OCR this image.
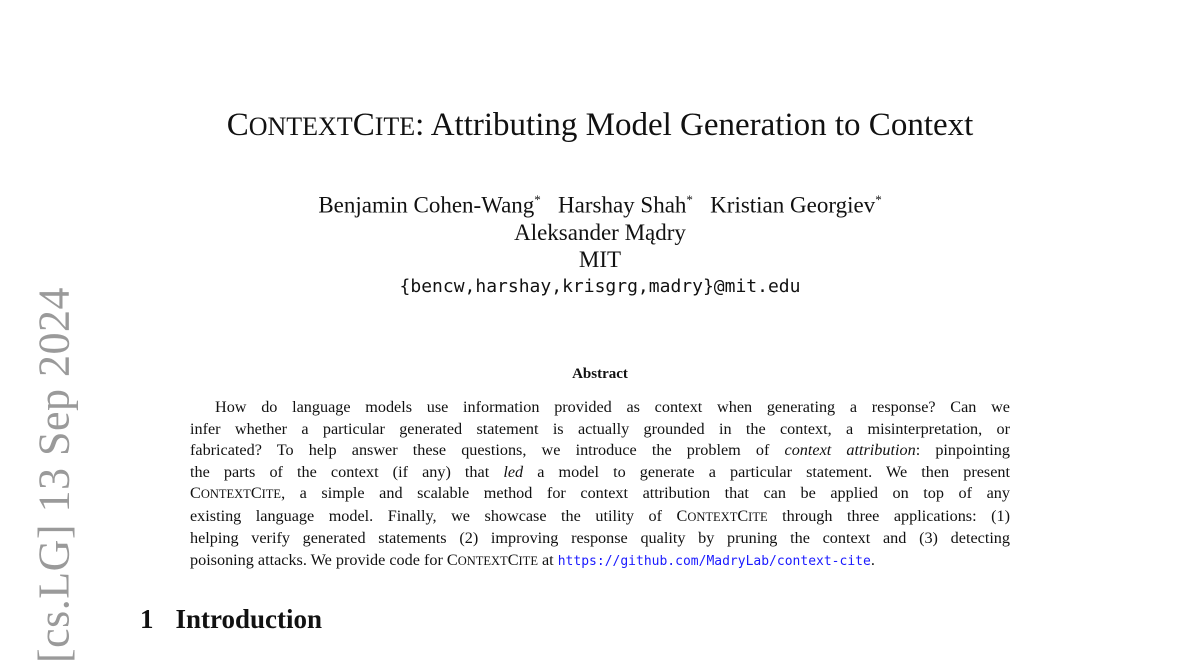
[cs.LG] 13 Sep 2024
CONTEXTCITE: Attributing Model Generation to Context
Benjamin Cohen-Wang* Harshay Shah* Kristian Georgiev*
Aleksander Mądry
MIT
{bencw,harshay,krisgrg,madry}@mit.edu
Abstract
How do language models use information provided as context when generating a response? Can we
infer whether a particular generated statement is actually grounded in the context, a misinterpretation, or
fabricated? To help answer these questions, we introduce the problem of context attribution: pinpointing
the parts of the context (if any) that led a model to generate a particular statement. We then present
CONTEXTCITE, a simple and scalable method for context attribution that can be applied on top of any
existing language model. Finally, we showcase the utility of CONTEXTCITE through three applications: (1)
helping verify generated statements (2) improving response quality by pruning the context and (3) detecting
poisoning attacks. We provide code for CONTEXTCITE at https://github.com/MadryLab/context-cite.
1 Introduction
